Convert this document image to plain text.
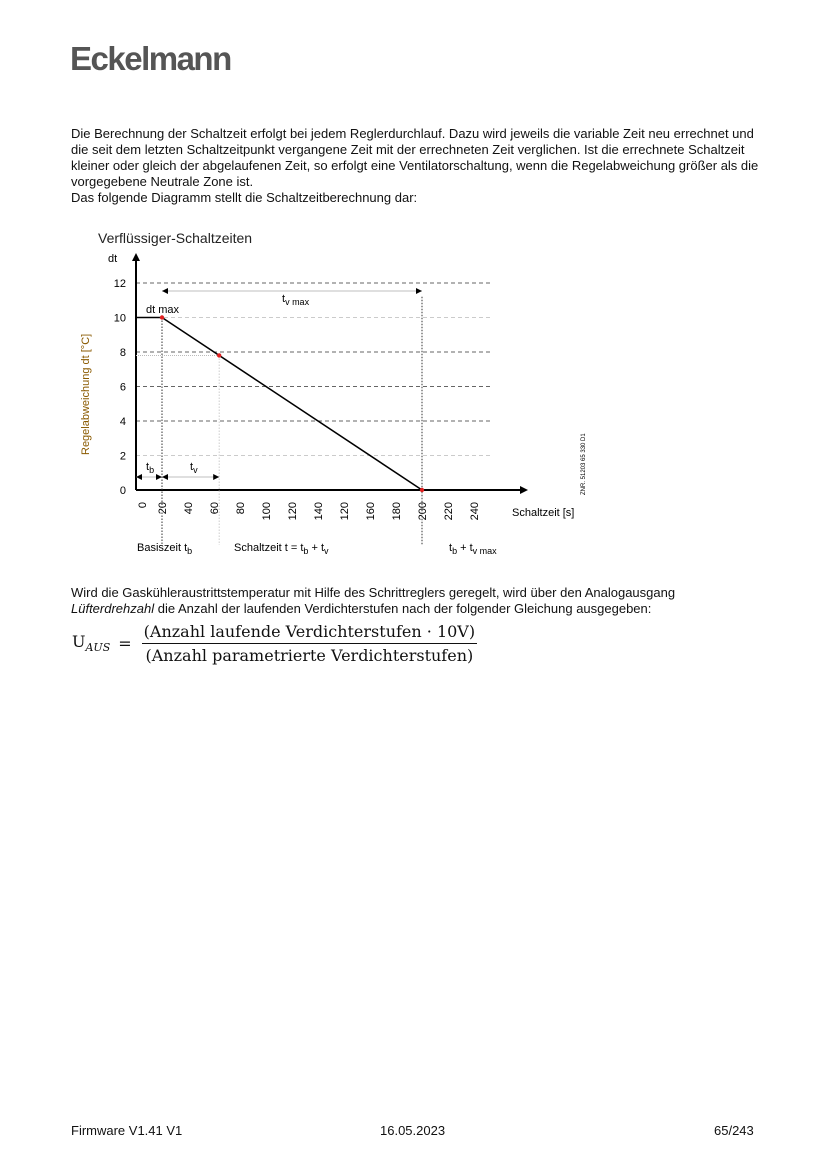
Eckelmann
Die Berechnung der Schaltzeit erfolgt bei jedem Reglerdurchlauf. Dazu wird jeweils die variable Zeit neu errechnet und die seit dem letzten Schaltzeitpunkt vergangene Zeit mit der errechneten Zeit verglichen. Ist die errechnete Schaltzeit kleiner oder gleich der abgelaufenen Zeit, so erfolgt eine Ventilatorschaltung, wenn die Regelabweichung größer als die vorgegebene Neutrale Zone ist.
Das folgende Diagramm stellt die Schaltzeitberechnung dar:
Verflüssiger-Schaltzeiten
0
2
4
6
8
10
12
dt
Regelabweichung dt [°C]
Schaltzeit [s]
0 20 40 60 80 100 120 140 120 160 180 200 220 240
dt max
$t_{v max}$
$t_b$	$t_v$
Basiszeit $t_b$	Schaltzeit $t = t_b + t_v$	$t_b + t_{v max}$
ZNR. 51203 65 330 D1
Wird die Gaskühleraustrittstemperatur mit Hilfe des Schrittreglers geregelt, wird über den Analogausgang Lüfterdrehzahl die Anzahl der laufenden Verdichterstufen nach der folgender Gleichung ausgegeben:
$U_{AUS} = \frac{\text{(Anzahl laufende Verdichterstufen · 10V)}}{\text{(Anzahl parametrierte Verdichterstufen)}}$
Firmware V1.41 V1	16.05.2023	65/243
